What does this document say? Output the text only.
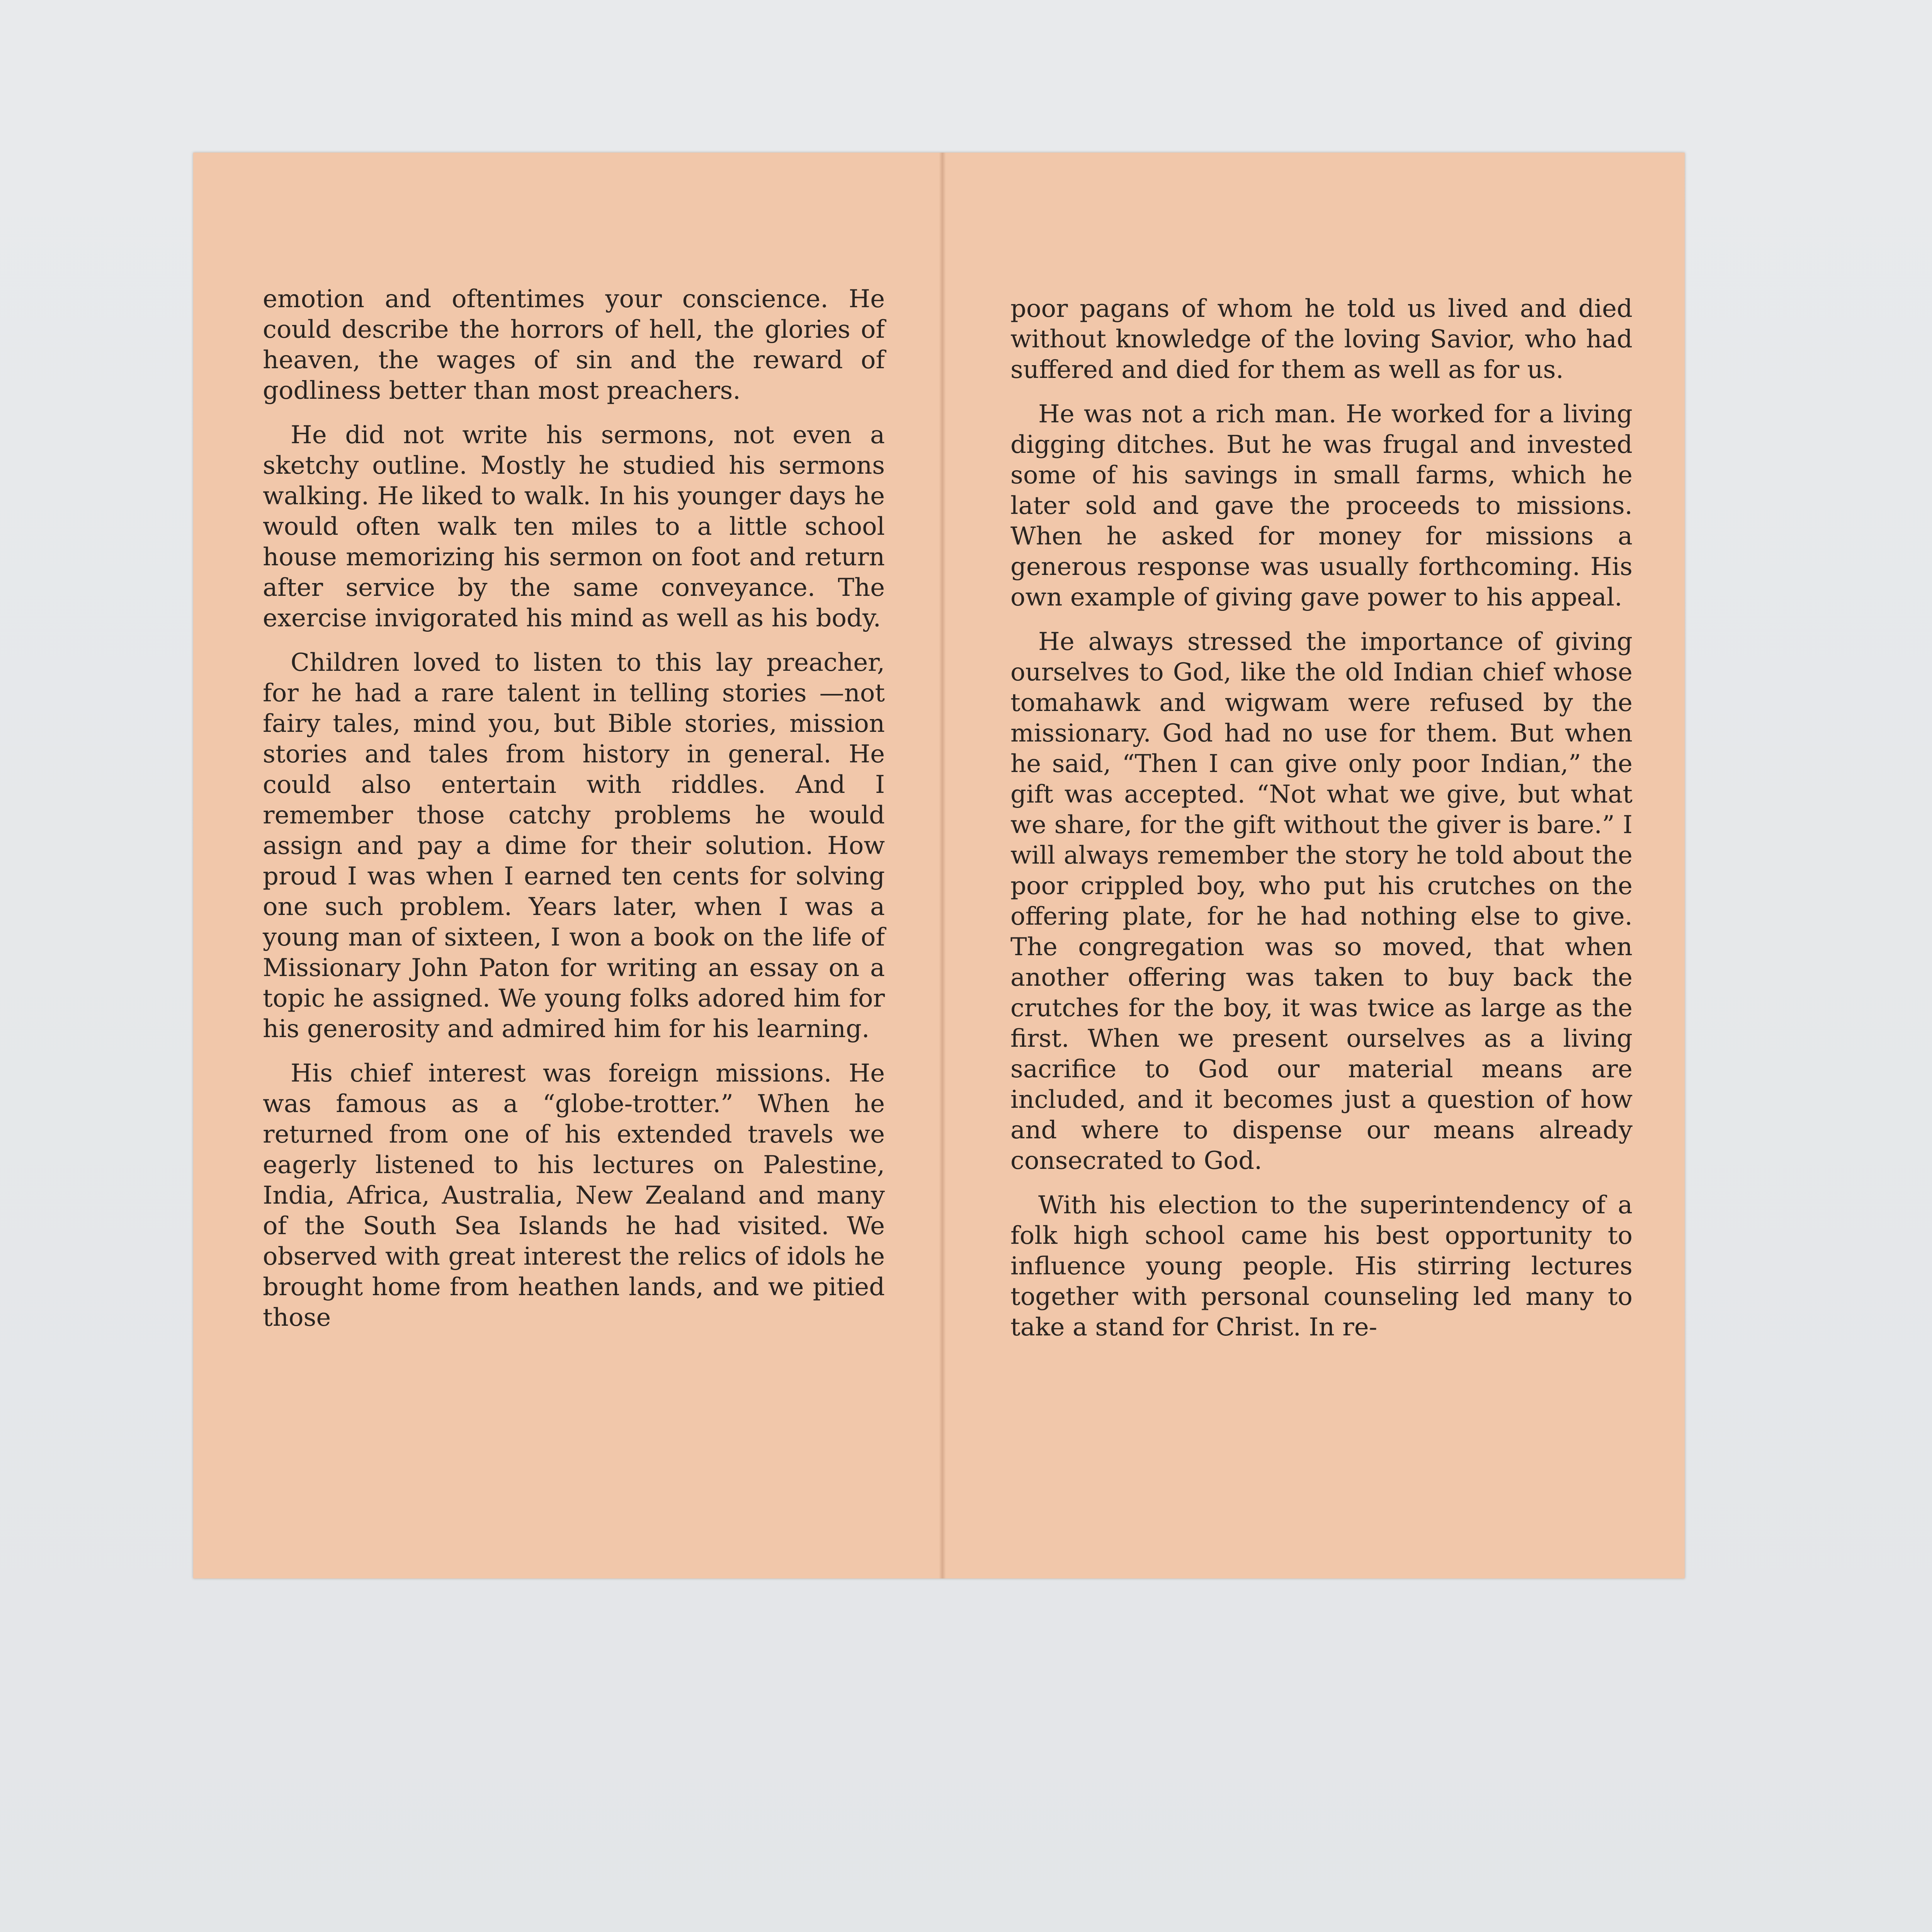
emotion and oftentimes your conscience. He could describe the horrors of hell, the glories of heaven, the wages of sin and the reward of godliness better than most preachers.

He did not write his sermons, not even a sketchy outline. Mostly he studied his sermons walking. He liked to walk. In his younger days he would often walk ten miles to a little school house memorizing his sermon on foot and return after service by the same conveyance. The exercise invigorated his mind as well as his body.

Children loved to listen to this lay preacher, for he had a rare talent in telling stories —not fairy tales, mind you, but Bible stories, mission stories and tales from history in general. He could also entertain with riddles. And I remember those catchy problems he would assign and pay a dime for their solution. How proud I was when I earned ten cents for solving one such problem. Years later, when I was a young man of sixteen, I won a book on the life of Missionary John Paton for writing an essay on a topic he assigned. We young folks adored him for his generosity and admired him for his learning.

His chief interest was foreign missions. He was famous as a “globe-trotter.” When he returned from one of his extended travels we eagerly listened to his lectures on Palestine, India, Africa, Australia, New Zealand and many of the South Sea Islands he had visited. We observed with great interest the relics of idols he brought home from heathen lands, and we pitied those

poor pagans of whom he told us lived and died without knowledge of the loving Savior, who had suffered and died for them as well as for us.

He was not a rich man. He worked for a living digging ditches. But he was frugal and invested some of his savings in small farms, which he later sold and gave the proceeds to missions. When he asked for money for missions a generous response was usually forthcoming. His own example of giving gave power to his appeal.

He always stressed the importance of giving ourselves to God, like the old Indian chief whose tomahawk and wigwam were refused by the missionary. God had no use for them. But when he said, “Then I can give only poor Indian,” the gift was accepted. “Not what we give, but what we share, for the gift without the giver is bare.” I will always remember the story he told about the poor crippled boy, who put his crutches on the offering plate, for he had nothing else to give. The congregation was so moved, that when another offering was taken to buy back the crutches for the boy, it was twice as large as the first. When we present ourselves as a living sacrifice to God our material means are included, and it becomes just a question of how and where to dispense our means already consecrated to God.

With his election to the superintendency of a folk high school came his best opportunity to influence young people. His stirring lectures together with personal counseling led many to take a stand for Christ. In re-
